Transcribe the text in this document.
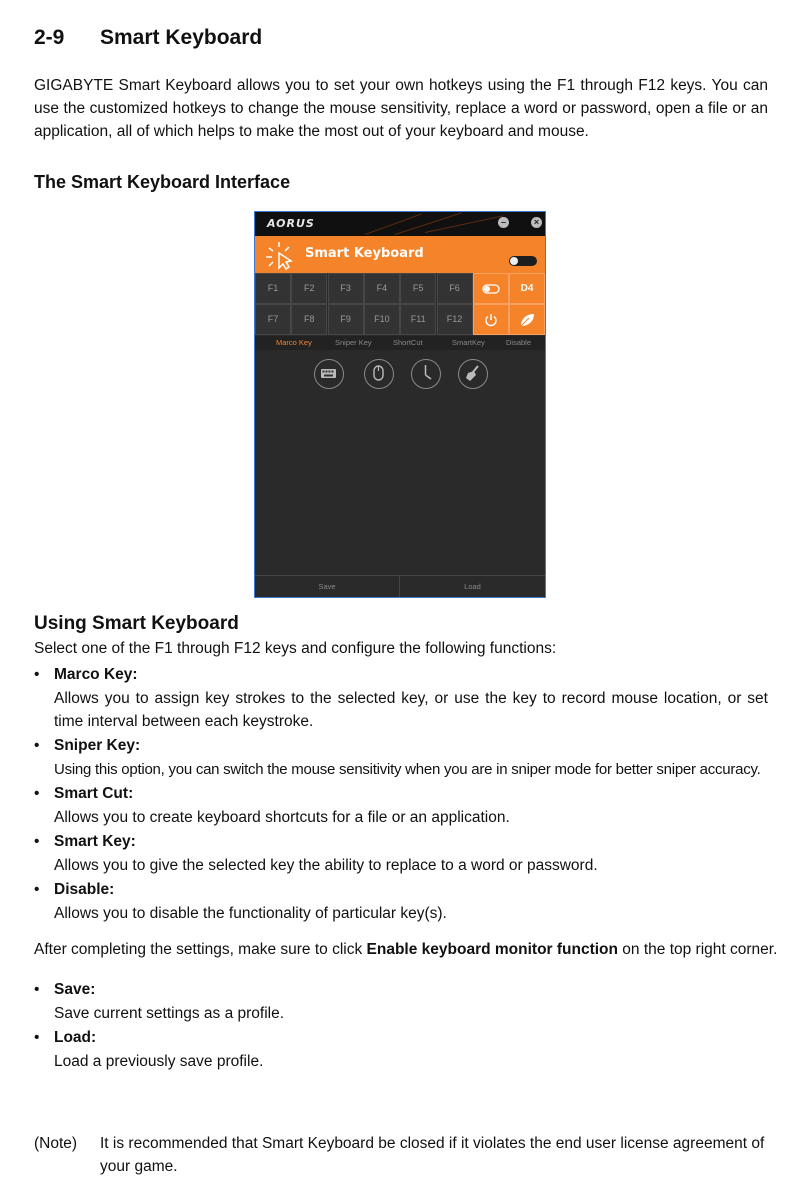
2-9 Smart Keyboard
GIGABYTE Smart Keyboard allows you to set your own hotkeys using the F1 through F12 keys. You can use the customized hotkeys to change the mouse sensitivity, replace a word or password, open a file or an application, all of which helps to make the most out of your keyboard and mouse.
The Smart Keyboard Interface
AORUS	–	×
Smart Keyboard
F1	F2	F3	F4	F5	F6
F7	F8	F9	F10	F11	F12
D4
Marco Key	Sniper Key	ShortCut	SmartKey	Disable
Save	Load
Using Smart Keyboard
Select one of the F1 through F12 keys and configure the following functions:
• Marco Key:
Allows you to assign key strokes to the selected key, or use the key to record mouse location, or set time interval between each keystroke.
• Sniper Key:
Using this option, you can switch the mouse sensitivity when you are in sniper mode for better sniper accuracy.
• Smart Cut:
Allows you to create keyboard shortcuts for a file or an application.
• Smart Key:
Allows you to give the selected key the ability to replace to a word or password.
• Disable:
Allows you to disable the functionality of particular key(s).
After completing the settings, make sure to click Enable keyboard monitor function on the top right corner.
• Save:
Save current settings as a profile.
• Load:
Load a previously save profile.
(Note) It is recommended that Smart Keyboard be closed if it violates the end user license agreement of your game.
